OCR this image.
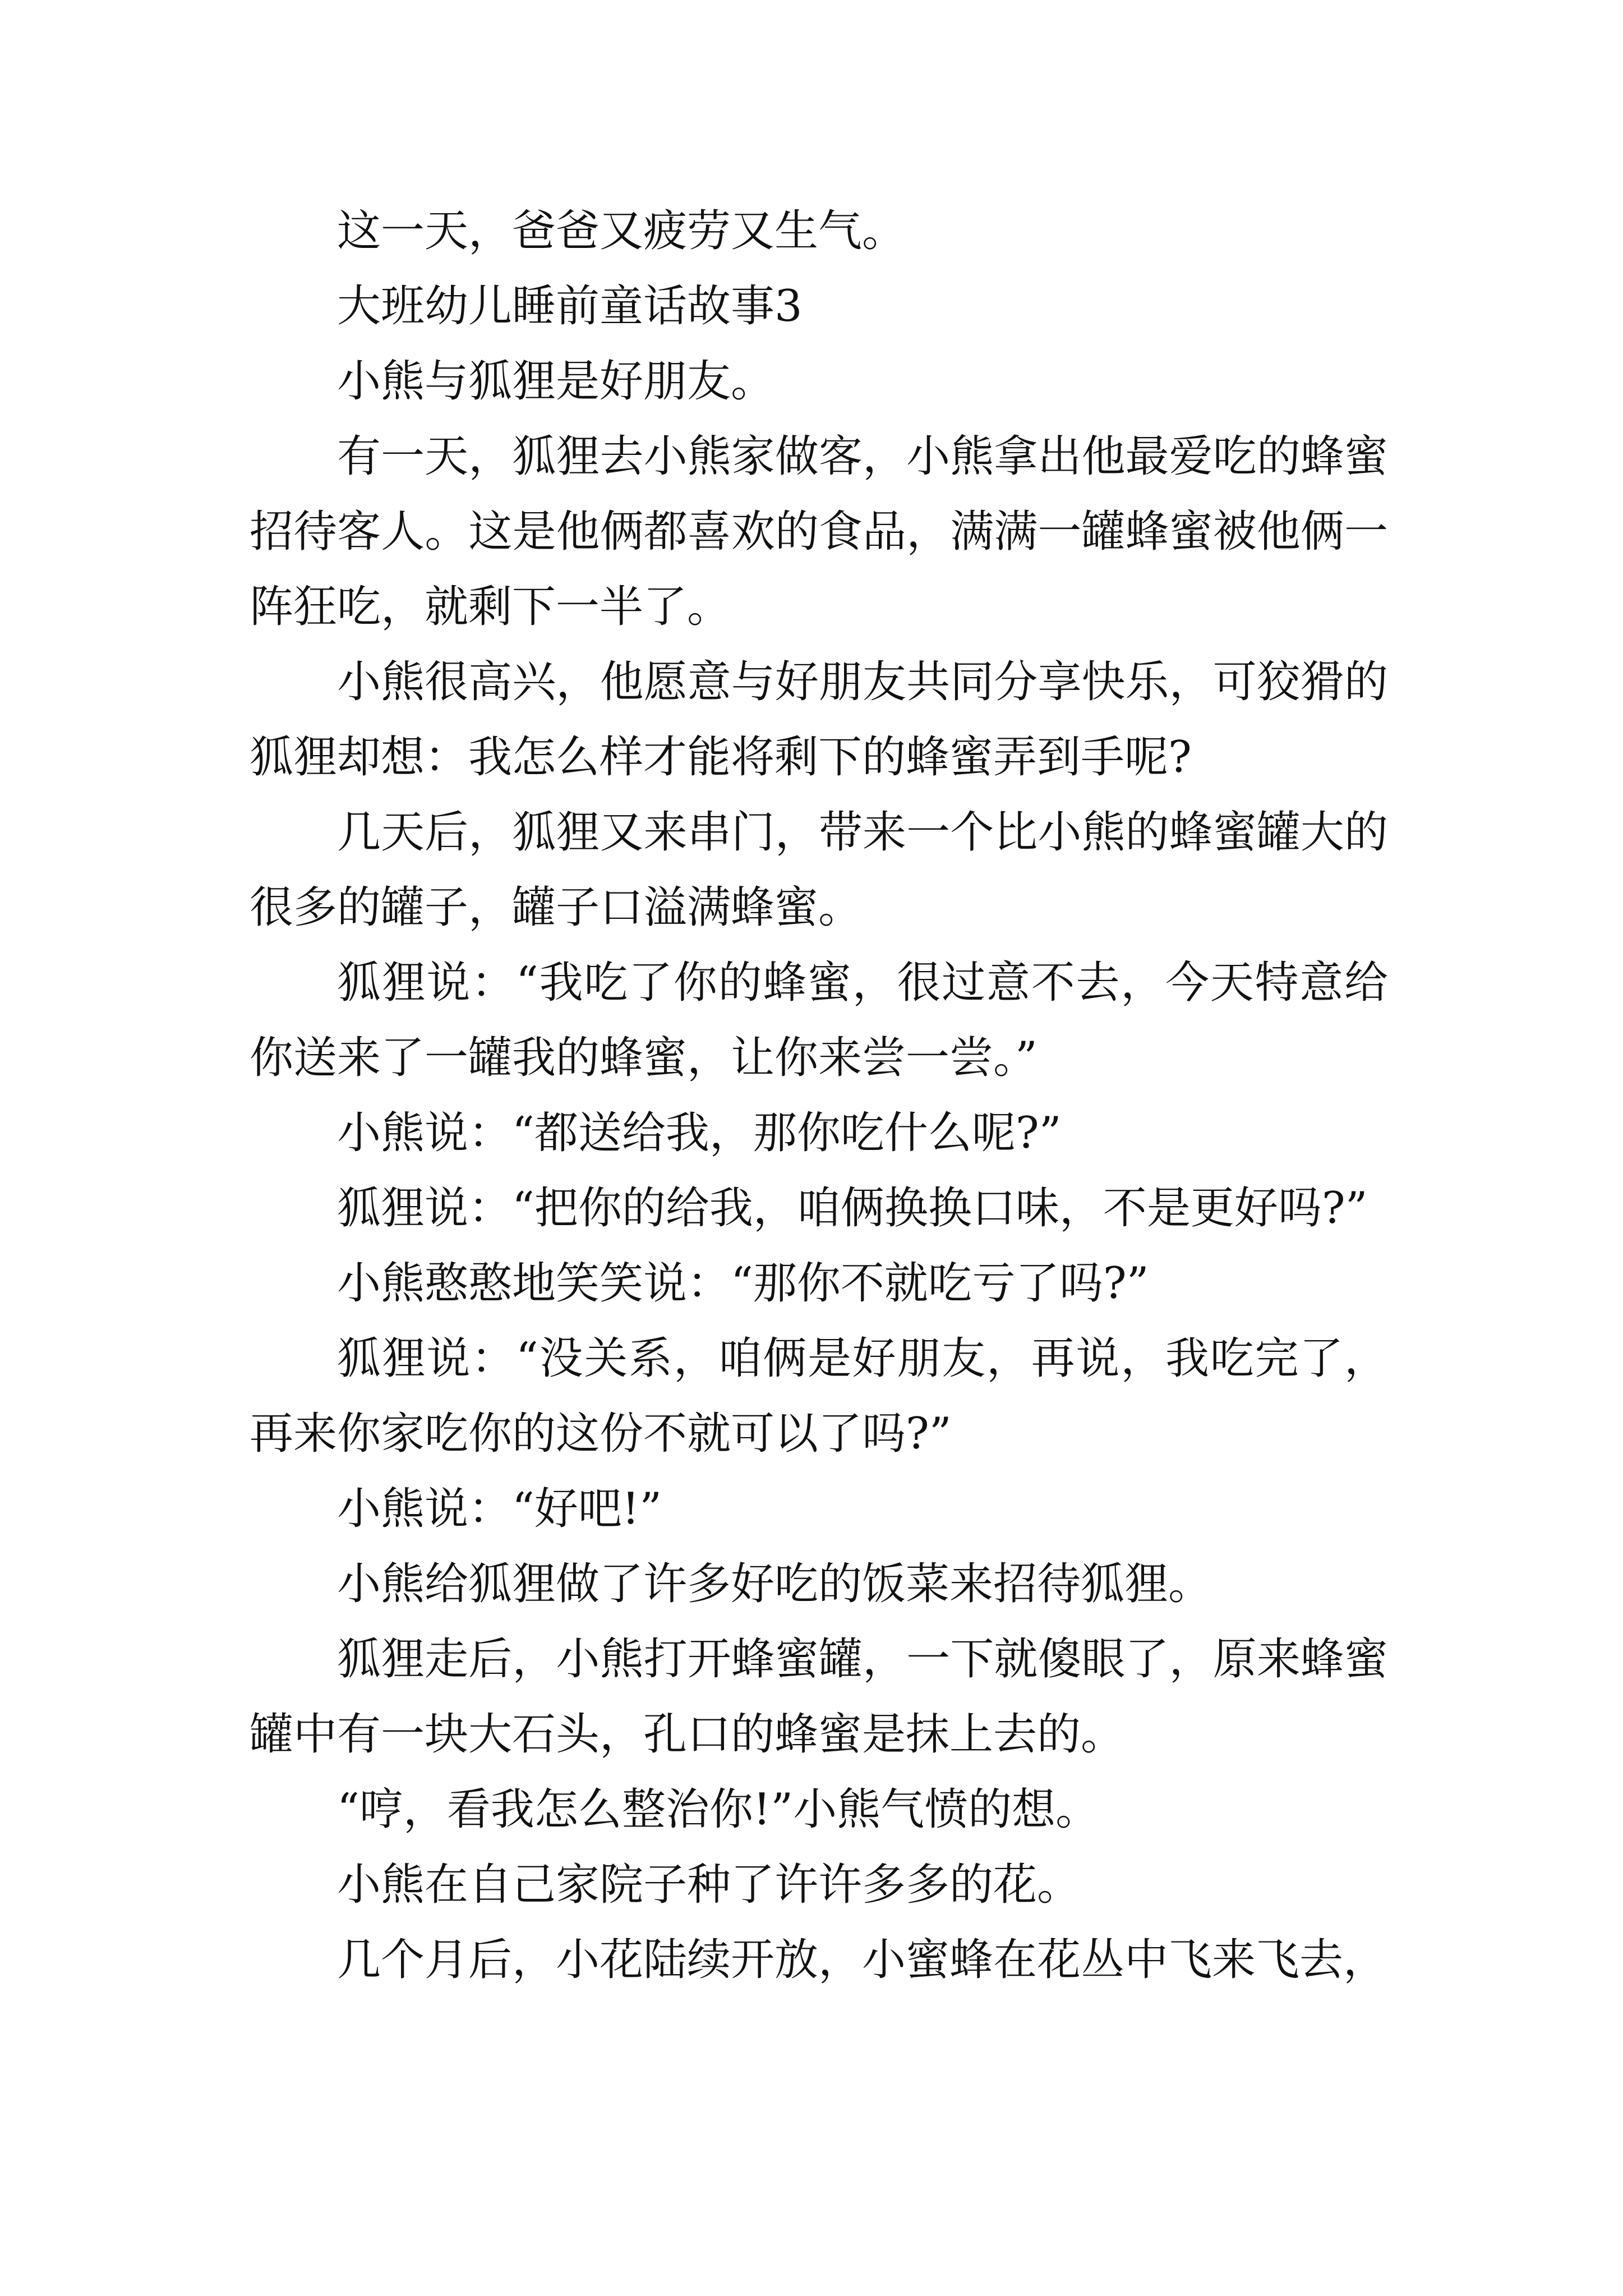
这一天，爸爸又疲劳又生气。

大班幼儿睡前童话故事3

小熊与狐狸是好朋友。

有一天，狐狸去小熊家做客，小熊拿出他最爱吃的蜂蜜招待客人。这是他俩都喜欢的食品，满满一罐蜂蜜被他俩一阵狂吃，就剩下一半了。

小熊很高兴，他愿意与好朋友共同分享快乐，可狡猾的狐狸却想：我怎么样才能将剩下的蜂蜜弄到手呢?

几天后，狐狸又来串门，带来一个比小熊的蜂蜜罐大的很多的罐子，罐子口溢满蜂蜜。

狐狸说：“我吃了你的蜂蜜，很过意不去，今天特意给你送来了一罐我的蜂蜜，让你来尝一尝。”

小熊说：“都送给我，那你吃什么呢?”

狐狸说：“把你的给我，咱俩换换口味，不是更好吗?”

小熊憨憨地笑笑说：“那你不就吃亏了吗?”

狐狸说：“没关系，咱俩是好朋友，再说，我吃完了，再来你家吃你的这份不就可以了吗?”

小熊说：“好吧!”

小熊给狐狸做了许多好吃的饭菜来招待狐狸。

狐狸走后，小熊打开蜂蜜罐，一下就傻眼了，原来蜂蜜罐中有一块大石头，孔口的蜂蜜是抹上去的。

“哼，看我怎么整治你!”小熊气愤的想。

小熊在自己家院子种了许许多多的花。

几个月后，小花陆续开放，小蜜蜂在花丛中飞来飞去，
